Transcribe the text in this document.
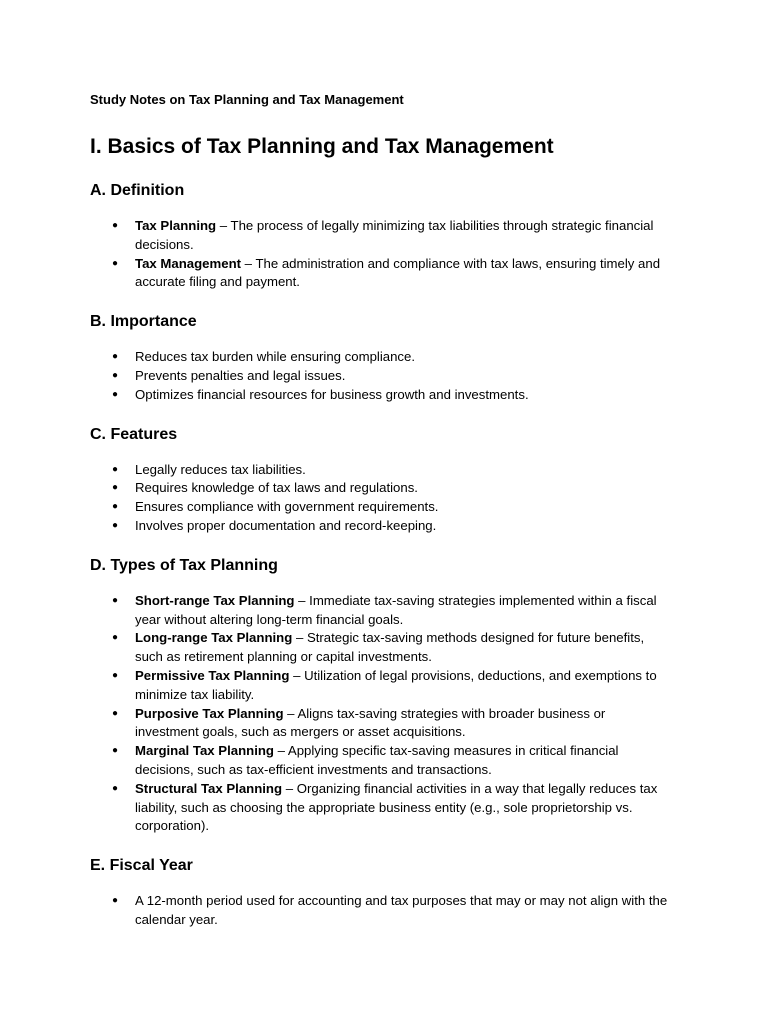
Study Notes on Tax Planning and Tax Management
I. Basics of Tax Planning and Tax Management
A. Definition
● Tax Planning – The process of legally minimizing tax liabilities through strategic financial decisions.
● Tax Management – The administration and compliance with tax laws, ensuring timely and accurate filing and payment.
B. Importance
● Reduces tax burden while ensuring compliance.
● Prevents penalties and legal issues.
● Optimizes financial resources for business growth and investments.
C. Features
● Legally reduces tax liabilities.
● Requires knowledge of tax laws and regulations.
● Ensures compliance with government requirements.
● Involves proper documentation and record-keeping.
D. Types of Tax Planning
● Short-range Tax Planning – Immediate tax-saving strategies implemented within a fiscal year without altering long-term financial goals.
● Long-range Tax Planning – Strategic tax-saving methods designed for future benefits, such as retirement planning or capital investments.
● Permissive Tax Planning – Utilization of legal provisions, deductions, and exemptions to minimize tax liability.
● Purposive Tax Planning – Aligns tax-saving strategies with broader business or investment goals, such as mergers or asset acquisitions.
● Marginal Tax Planning – Applying specific tax-saving measures in critical financial decisions, such as tax-efficient investments and transactions.
● Structural Tax Planning – Organizing financial activities in a way that legally reduces tax liability, such as choosing the appropriate business entity (e.g., sole proprietorship vs. corporation).
E. Fiscal Year
● A 12-month period used for accounting and tax purposes that may or may not align with the calendar year.
